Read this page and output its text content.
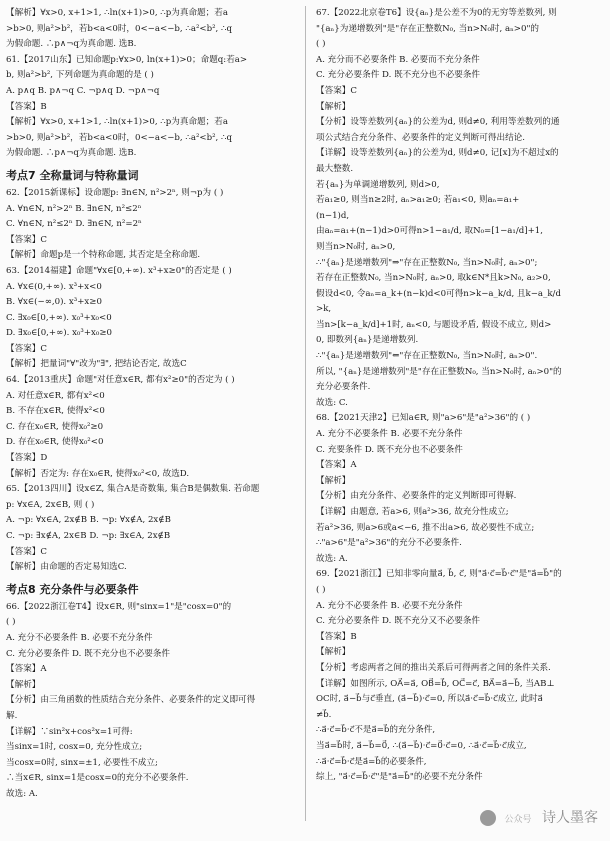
【解析】∀x>0, x+1>1, ∴ln(x+1)>0, ∴p为真命题；若a
>b>0, 则a²>b²，若b<a<0时，0<−a<−b, ∴a²<b², ∴q
为假命题. ∴p∧¬q为真命题. 选B.
61.【2017山东】已知命题p:∀x>0, ln(x+1)>0；命题q:若a>
b, 则a²>b², 下列命题为真命题的是 ( )
A. p∧q B. p∧¬q C. ¬p∧q D. ¬p∧¬q
【答案】B
【解析】∀x>0, x+1>1, ∴ln(x+1)>0, ∴p为真命题；若a
>b>0, 则a²>b²，若b<a<0时，0<−a<−b, ∴a²<b², ∴q
为假命题. ∴p∧¬q为真命题. 选B.
考点7 全称量词与特称量词
62.【2015新课标】设命题p: ∃n∈N, n²>2ⁿ, 则¬p为 ( )
A. ∀n∈N, n²>2ⁿ B. ∃n∈N, n²≤2ⁿ
C. ∀n∈N, n²≤2ⁿ D. ∃n∈N, n²=2ⁿ
【答案】C
【解析】命题p是一个特称命题, 其否定是全称命题.
63.【2014福建】命题"∀x∈[0,+∞). x³+x≥0"的否定是 ( )
A. ∀x∈(0,+∞). x³+x<0
B. ∀x∈(−∞,0). x³+x≥0
C. ∃x₀∈[0,+∞). x₀³+x₀<0
D. ∃x₀∈[0,+∞). x₀³+x₀≥0
【答案】C
【解析】把量词"∀"改为"∃", 把结论否定, 故选C
64.【2013重庆】命题"对任意x∈R, 都有x²≥0"的否定为 ( )
A. 对任意x∈R, 都有x²<0
B. 不存在x∈R, 使得x²<0
C. 存在x₀∈R, 使得x₀²≥0
D. 存在x₀∈R, 使得x₀²<0
【答案】D
【解析】否定为: 存在x₀∈R, 使得x₀²<0, 故选D.
65.【2013四川】设x∈Z, 集合A是奇数集, 集合B是偶数集. 若命题
p: ∀x∈A, 2x∈B, 则 ( )
A. ¬p: ∀x∈A, 2x∉B B. ¬p: ∀x∉A, 2x∉B
C. ¬p: ∃x∉A, 2x∈B D. ¬p: ∃x∈A, 2x∉B
【答案】C
【解析】由命题的否定易知选C.
考点8 充分条件与必要条件
66.【2022浙江卷T4】设x∈R, 则"sinx=1"是"cosx=0"的
( )
A. 充分不必要条件 B. 必要不充分条件
C. 充分必要条件 D. 既不充分也不必要条件
【答案】A
【解析】
【分析】由三角函数的性质结合充分条件、必要条件的定义即可得
解.
【详解】∵sin²x+cos²x=1可得:
当sinx=1时, cosx=0, 充分性成立;
当cosx=0时, sinx=±1, 必要性不成立;
∴当x∈R, sinx=1是cosx=0的充分不必要条件.
故选: A.
67.【2022北京卷T6】设{aₙ}是公差不为0的无穷等差数列, 则
"{aₙ}为递增数列"是"存在正整数N₀, 当n>N₀时, aₙ>0"的
( )
A. 充分而不必要条件 B. 必要而不充分条件
C. 充分必要条件 D. 既不充分也不必要条件
【答案】C
【解析】
【分析】设等差数列{aₙ}的公差为d, 则d≠0, 利用等差数列的通
项公式结合充分条件、必要条件的定义判断可得出结论.
【详解】设等差数列{aₙ}的公差为d, 则d≠0, 记[x]为不超过x的
最大整数.
若{aₙ}为单调递增数列, 则d>0,
若a₁≥0, 则当n≥2时, aₙ>a₁≥0; 若a₁<0, 则aₙ=a₁+
(n−1)d,
由aₙ=a₁+(n−1)d>0可得n>1−a₁/d, 取N₀=[1−a₁/d]+1,
则当n>N₀时, aₙ>0,
∴"{aₙ}是递增数列"⇒"存在正整数N₀, 当n>N₀时, aₙ>0";
若存在正整数N₀, 当n>N₀时, aₙ>0, 取k∈N*且k>N₀, a₂>0,
假设d<0, 令aₙ=a_k+(n−k)d<0可得n>k−a_k/d, 且k−a_k/d
>k,
当n>[k−a_k/d]+1时, aₙ<0, 与题设矛盾, 假设不成立, 则d>
0, 即数列{aₙ}是递增数列.
∴"{aₙ}是递增数列"⇐"存在正整数N₀, 当n>N₀时, aₙ>0".
所以, "{aₙ}是递增数列"是"存在正整数N₀, 当n>N₀时, aₙ>0"的
充分必要条件.
故选: C.
68.【2021天津2】已知a∈R, 则"a>6"是"a²>36"的 ( )
A. 充分不必要条件 B. 必要不充分条件
C. 充要条件 D. 既不充分也不必要条件
【答案】A
【解析】
【分析】由充分条件、必要条件的定义判断即可得解.
【详解】由题意, 若a>6, 则a²>36, 故充分性成立;
若a²>36, 则a>6或a<−6, 推不出a>6, 故必要性不成立;
∴"a>6"是"a²>36"的充分不必要条件.
故选: A.
69.【2021浙江】已知非零向量a⃗, b⃗, c⃗, 则"a⃗·c⃗=b⃗·c⃗"是"a⃗=b⃗"的
( )
A. 充分不必要条件 B. 必要不充分条件
C. 充分必要条件 D. 既不充分又不必要条件
【答案】B
【解析】
【分析】考虑两者之间的推出关系后可得两者之间的条件关系.
【详解】如图所示, OA⃗=a⃗, OB⃗=b⃗, OC⃗=c⃗, BA⃗=a⃗−b⃗, 当AB⊥
OC时, a⃗−b⃗与c⃗垂直, (a⃗−b⃗)·c⃗=0, 所以a⃗·c⃗=b⃗·c⃗成立, 此时a⃗
≠b⃗.
∴a⃗·c⃗=b⃗·c⃗不是a⃗=b⃗的充分条件,
当a⃗=b⃗时, a⃗−b⃗=0⃗, ∴(a⃗−b⃗)·c⃗=0⃗·c⃗=0, ∴a⃗·c⃗=b⃗·c⃗成立,
∴a⃗·c⃗=b⃗·c⃗是a⃗=b⃗的必要条件,
综上, "a⃗·c⃗=b⃗·c⃗"是"a⃗=b⃗"的必要不充分条件
公众号 诗人墨客
